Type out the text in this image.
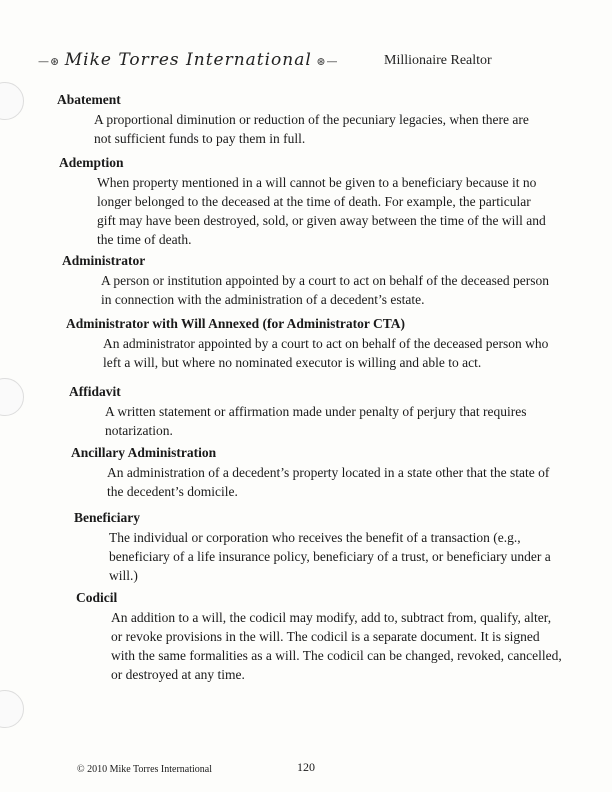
—⊛ Mike Torres International ⊛—	Millionaire Realtor
Abatement
A proportional diminution or reduction of the pecuniary legacies, when there are
not sufficient funds to pay them in full.
Ademption
When property mentioned in a will cannot be given to a beneficiary because it no
longer belonged to the deceased at the time of death. For example, the particular
gift may have been destroyed, sold, or given away between the time of the will and
the time of death.
Administrator
A person or institution appointed by a court to act on behalf of the deceased person
in connection with the administration of a decedent’s estate.
Administrator with Will Annexed (for Administrator CTA)
An administrator appointed by a court to act on behalf of the deceased person who
left a will, but where no nominated executor is willing and able to act.
Affidavit
A written statement or affirmation made under penalty of perjury that requires
notarization.
Ancillary Administration
An administration of a decedent’s property located in a state other that the state of
the decedent’s domicile.
Beneficiary
The individual or corporation who receives the benefit of a transaction (e.g.,
beneficiary of a life insurance policy, beneficiary of a trust, or beneficiary under a
will.)
Codicil
An addition to a will, the codicil may modify, add to, subtract from, qualify, alter,
or revoke provisions in the will. The codicil is a separate document. It is signed
with the same formalities as a will. The codicil can be changed, revoked, cancelled,
or destroyed at any time.
© 2010 Mike Torres International	120
